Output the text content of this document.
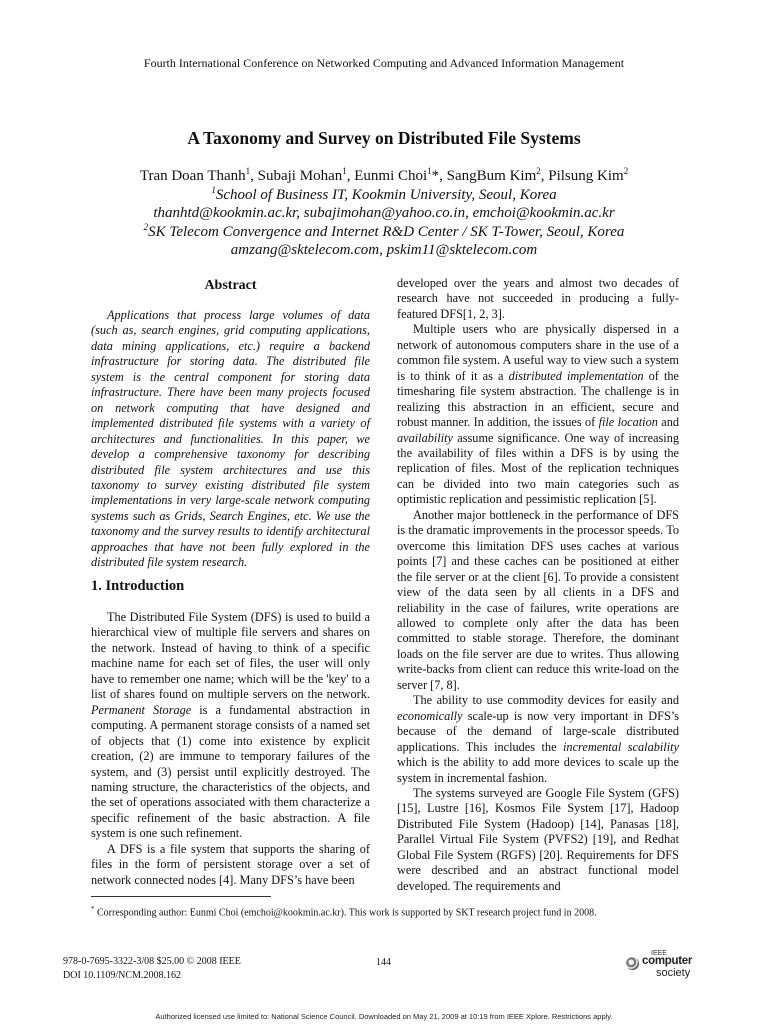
Fourth International Conference on Networked Computing and Advanced Information Management
A Taxonomy and Survey on Distributed File Systems
Tran Doan Thanh$^1$, Subaji Mohan$^1$, Eunmi Choi$^1$*, SangBum Kim$^2$, Pilsung Kim$^2$
$^1$School of Business IT, Kookmin University, Seoul, Korea
thanhtd@kookmin.ac.kr, subajimohan@yahoo.co.in, emchoi@kookmin.ac.kr
$^2$SK Telecom Convergence and Internet R&D Center / SK T-Tower, Seoul, Korea
amzang@sktelecom.com, pskim11@sktelecom.com
Abstract

Applications that process large volumes of data (such as, search engines, grid computing applications, data mining applications, etc.) require a backend infrastructure for storing data. The distributed file system is the central component for storing data infrastructure. There have been many projects focused on network computing that have designed and implemented distributed file systems with a variety of architectures and functionalities. In this paper, we develop a comprehensive taxonomy for describing distributed file system architectures and use this taxonomy to survey existing distributed file system implementations in very large-scale network computing systems such as Grids, Search Engines, etc. We use the taxonomy and the survey results to identify architectural approaches that have not been fully explored in the distributed file system research.

1. Introduction

The Distributed File System (DFS) is used to build a hierarchical view of multiple file servers and shares on the network. Instead of having to think of a specific machine name for each set of files, the user will only have to remember one name; which will be the 'key' to a list of shares found on multiple servers on the network. Permanent Storage is a fundamental abstraction in computing. A permanent storage consists of a named set of objects that (1) come into existence by explicit creation, (2) are immune to temporary failures of the system, and (3) persist until explicitly destroyed. The naming structure, the characteristics of the objects, and the set of operations associated with them characterize a specific refinement of the basic abstraction. A file system is one such refinement.

A DFS is a file system that supports the sharing of files in the form of persistent storage over a set of network connected nodes [4]. Many DFS’s have been

developed over the years and almost two decades of research have not succeeded in producing a fully-featured DFS[1, 2, 3].

Multiple users who are physically dispersed in a network of autonomous computers share in the use of a common file system. A useful way to view such a system is to think of it as a distributed implementation of the timesharing file system abstraction. The challenge is in realizing this abstraction in an efficient, secure and robust manner. In addition, the issues of file location and availability assume significance. One way of increasing the availability of files within a DFS is by using the replication of files. Most of the replication techniques can be divided into two main categories such as optimistic replication and pessimistic replication [5].

Another major bottleneck in the performance of DFS is the dramatic improvements in the processor speeds. To overcome this limitation DFS uses caches at various points [7] and these caches can be positioned at either the file server or at the client [6]. To provide a consistent view of the data seen by all clients in a DFS and reliability in the case of failures, write operations are allowed to complete only after the data has been committed to stable storage. Therefore, the dominant loads on the file server are due to writes. Thus allowing write-backs from client can reduce this write-load on the server [7, 8].

The ability to use commodity devices for easily and economically scale-up is now very important in DFS’s because of the demand of large-scale distributed applications. This includes the incremental scalability which is the ability to add more devices to scale up the system in incremental fashion.

The systems surveyed are Google File System (GFS) [15], Lustre [16], Kosmos File System [17], Hadoop Distributed File System (Hadoop) [14], Panasas [18], Parallel Virtual File System (PVFS2) [19], and Redhat Global File System (RGFS) [20]. Requirements for DFS were described and an abstract functional model developed. The requirements and

* Corresponding author: Eunmi Choi (emchoi@kookmin.ac.kr). This work is supported by SKT research project fund in 2008.
978-0-7695-3322-3/08 $25.00 © 2008 IEEE
DOI 10.1109/NCM.2008.162
144
IEEE
computer
society
Authorized licensed use limited to: National Science Council. Downloaded on May 21, 2009 at 10:19 from IEEE Xplore. Restrictions apply.
